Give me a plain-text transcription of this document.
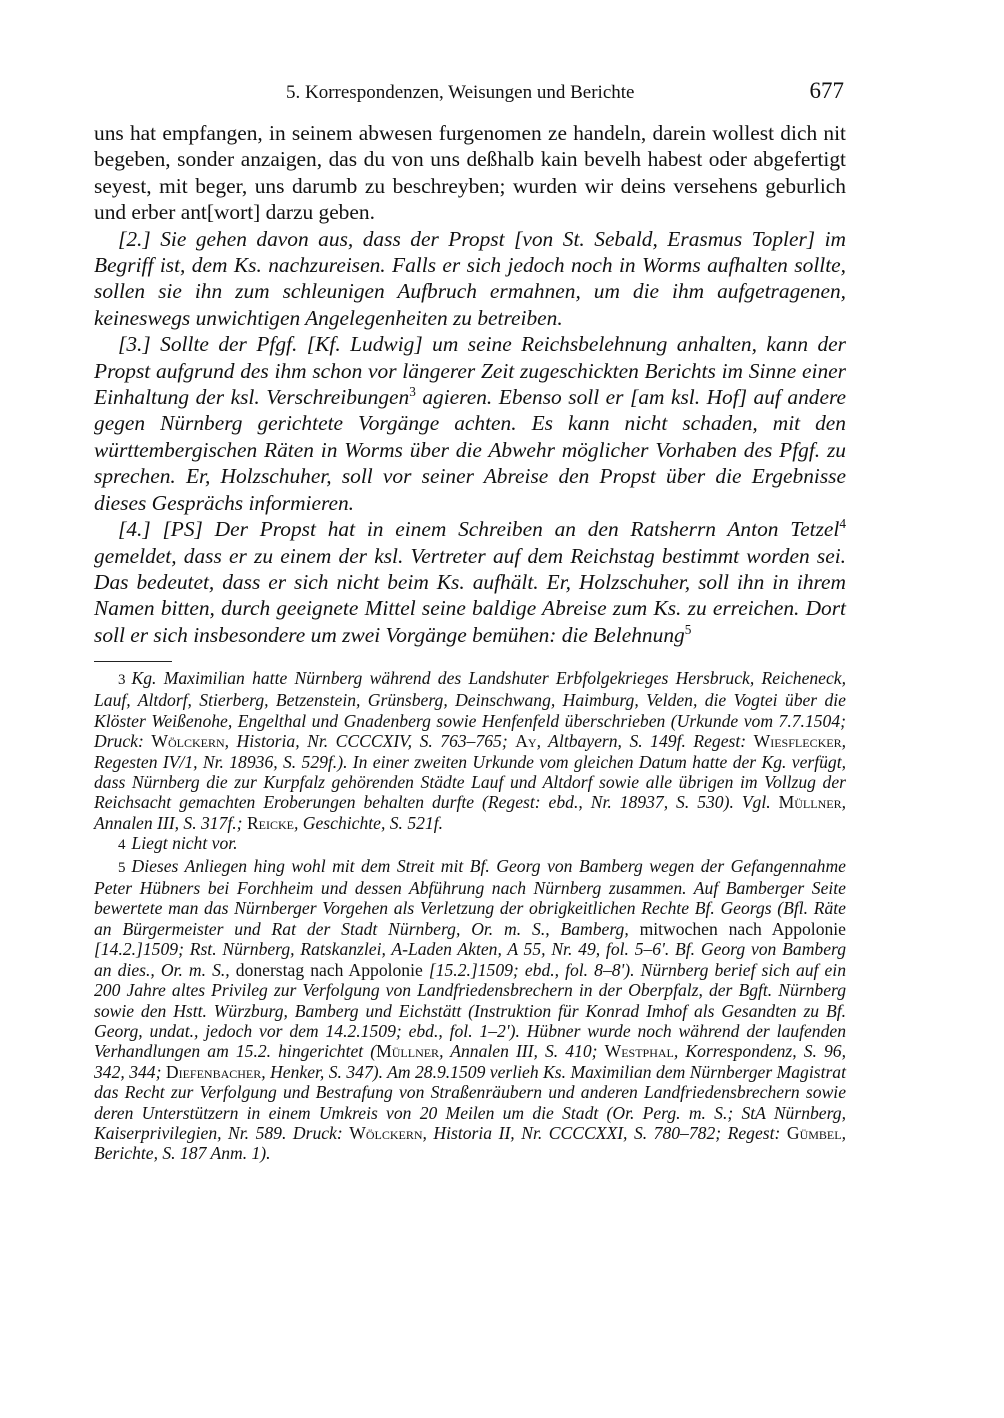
5. Korrespondenzen, Weisungen und Berichte	677

uns hat empfangen, in seinem abwesen furgenomen ze handeln, darein wollest dich nit begeben, sonder anzaigen, das du von uns deßhalb kain bevelh habest oder abgefertigt seyest, mit beger, uns darumb zu beschreyben; wurden wir deins versehens geburlich und erber ant[wort] darzu geben.

[2.] Sie gehen davon aus, dass der Propst [von St. Sebald, Erasmus Topler] im Begriff ist, dem Ks. nachzureisen. Falls er sich jedoch noch in Worms aufhalten sollte, sollen sie ihn zum schleunigen Aufbruch ermahnen, um die ihm aufgetragenen, keineswegs unwichtigen Angelegenheiten zu betreiben.

[3.] Sollte der Pfgf. [Kf. Ludwig] um seine Reichsbelehnung anhalten, kann der Propst aufgrund des ihm schon vor längerer Zeit zugeschickten Berichts im Sinne einer Einhaltung der ksl. Verschreibungen$^3$ agieren. Ebenso soll er [am ksl. Hof] auf andere gegen Nürnberg gerichtete Vorgänge achten. Es kann nicht schaden, mit den württembergischen Räten in Worms über die Abwehr möglicher Vorhaben des Pfgf. zu sprechen. Er, Holzschuher, soll vor seiner Abreise den Propst über die Ergebnisse dieses Gesprächs informieren.

[4.] [PS] Der Propst hat in einem Schreiben an den Ratsherrn Anton Tetzel$^4$ gemeldet, dass er zu einem der ksl. Vertreter auf dem Reichstag bestimmt worden sei. Das bedeutet, dass er sich nicht beim Ks. aufhält. Er, Holzschuher, soll ihn in ihrem Namen bitten, durch geeignete Mittel seine baldige Abreise zum Ks. zu erreichen. Dort soll er sich insbesondere um zwei Vorgänge bemühen: die Belehnung$^5$

3 Kg. Maximilian hatte Nürnberg während des Landshuter Erbfolgekrieges Hersbruck, Reicheneck, Lauf, Altdorf, Stierberg, Betzenstein, Grünsberg, Deinschwang, Haimburg, Velden, die Vogtei über die Klöster Weißenohe, Engelthal und Gnadenberg sowie Henfenfeld überschrieben (Urkunde vom 7.7.1504; Druck: Wölckern, Historia, Nr. CCCCXIV, S. 763–765; Ay, Altbayern, S. 149f. Regest: Wiesflecker, Regesten IV/1, Nr. 18936, S. 529f.). In einer zweiten Urkunde vom gleichen Datum hatte der Kg. verfügt, dass Nürnberg die zur Kurpfalz gehörenden Städte Lauf und Altdorf sowie alle übrigen im Vollzug der Reichsacht gemachten Eroberungen behalten durfte (Regest: ebd., Nr. 18937, S. 530). Vgl. Müllner, Annalen III, S. 317f.; Reicke, Geschichte, S. 521f.

4 Liegt nicht vor.

5 Dieses Anliegen hing wohl mit dem Streit mit Bf. Georg von Bamberg wegen der Gefangennahme Peter Hübners bei Forchheim und dessen Abführung nach Nürnberg zusammen. Auf Bamberger Seite bewertete man das Nürnberger Vorgehen als Verletzung der obrigkeitlichen Rechte Bf. Georgs (Bfl. Räte an Bürgermeister und Rat der Stadt Nürnberg, Or. m. S., Bamberg, mitwochen nach Appolonie [14.2.]1509; Rst. Nürnberg, Ratskanzlei, A-Laden Akten, A 55, Nr. 49, fol. 5–6'. Bf. Georg von Bamberg an dies., Or. m. S., donerstag nach Appolonie [15.2.]1509; ebd., fol. 8–8'). Nürnberg berief sich auf ein 200 Jahre altes Privileg zur Verfolgung von Landfriedensbrechern in der Oberpfalz, der Bgft. Nürnberg sowie den Hstt. Würzburg, Bamberg und Eichstätt (Instruktion für Konrad Imhof als Gesandten zu Bf. Georg, undat., jedoch vor dem 14.2.1509; ebd., fol. 1–2'). Hübner wurde noch während der laufenden Verhandlungen am 15.2. hingerichtet (Müllner, Annalen III, S. 410; Westphal, Korrespondenz, S. 96, 342, 344; Diefenbacher, Henker, S. 347). Am 28.9.1509 verlieh Ks. Maximilian dem Nürnberger Magistrat das Recht zur Verfolgung und Bestrafung von Straßenräubern und anderen Landfriedensbrechern sowie deren Unterstützern in einem Umkreis von 20 Meilen um die Stadt (Or. Perg. m. S.; StA Nürnberg, Kaiserprivilegien, Nr. 589. Druck: Wölckern, Historia II, Nr. CCCCXXI, S. 780–782; Regest: Gümbel, Berichte, S. 187 Anm. 1).
